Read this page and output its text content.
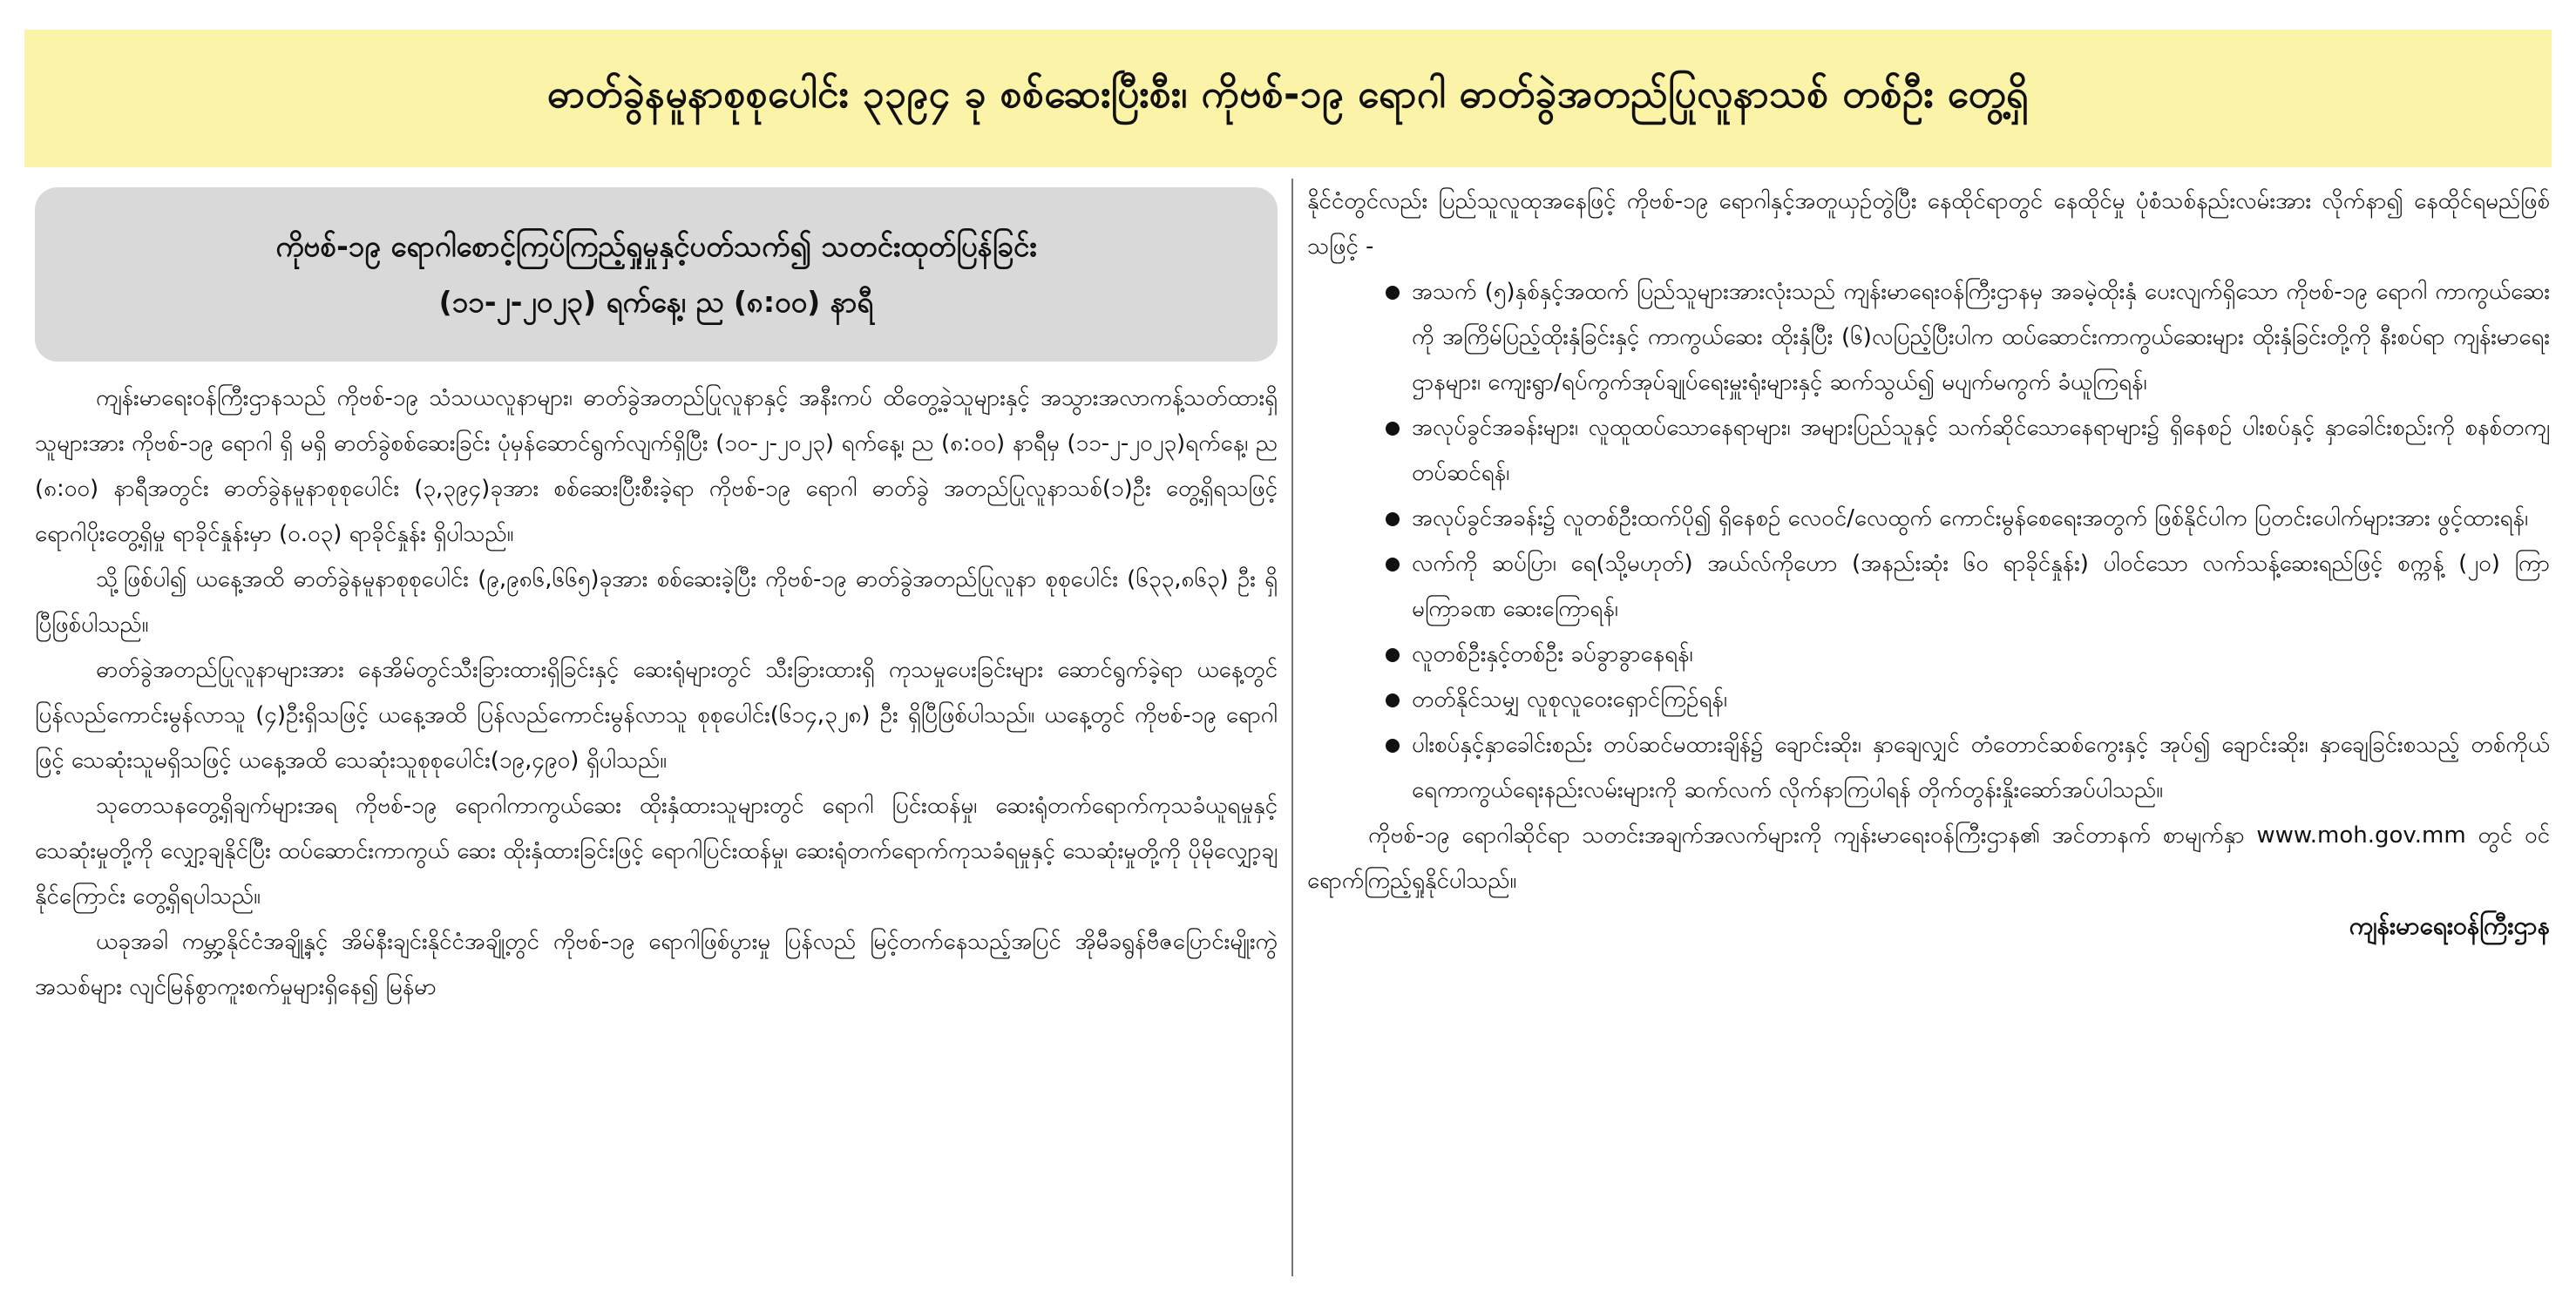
ဓာတ်ခွဲနမူနာစုစုပေါင်း ၃၃၉၄ ခု စစ်ဆေးပြီးစီး၊ ကိုဗစ်-၁၉ ရောဂါ ဓာတ်ခွဲအတည်ပြုလူနာသစ် တစ်ဦး တွေ့ရှိ
ကိုဗစ်-၁၉ ရောဂါစောင့်ကြပ်ကြည့်ရှုမှုနှင့်ပတ်သက်၍ သတင်းထုတ်ပြန်ခြင်း
(၁၁-၂-၂၀၂၃) ရက်နေ့၊ ည (၈:၀၀) နာရီ

ကျန်းမာရေးဝန်ကြီးဌာနသည် ကိုဗစ်-၁၉ သံသယလူနာများ၊ ဓာတ်ခွဲအတည်ပြုလူနာနှင့် အနီးကပ် ထိတွေ့ခဲ့သူများနှင့် အသွားအလာကန့်သတ်ထားရှိသူများအား ကိုဗစ်-၁၉ ရောဂါ ရှိ မရှိ ဓာတ်ခွဲစစ်ဆေးခြင်း ပုံမှန်ဆောင်ရွက်လျက်ရှိပြီး (၁၀-၂-၂၀၂၃) ရက်နေ့၊ ည (၈:၀၀) နာရီမှ (၁၁-၂-၂၀၂၃)ရက်နေ့၊ ည (၈:၀၀) နာရီအတွင်း ဓာတ်ခွဲနမူနာစုစုပေါင်း (၃,၃၉၄)ခုအား စစ်ဆေးပြီးစီးခဲ့ရာ ကိုဗစ်-၁၉ ရောဂါ ဓာတ်ခွဲ အတည်ပြုလူနာသစ်(၁)ဦး တွေ့ရှိရသဖြင့် ရောဂါပိုးတွေ့ရှိမှု ရာခိုင်နှုန်းမှာ (၀.၀၃) ရာခိုင်နှုန်း ရှိပါသည်။

သို့ဖြစ်ပါ၍ ယနေ့အထိ ဓာတ်ခွဲနမူနာစုစုပေါင်း (၉,၉၈၆,၆၆၅)ခုအား စစ်ဆေးခဲ့ပြီး ကိုဗစ်-၁၉ ဓာတ်ခွဲအတည်ပြုလူနာ စုစုပေါင်း (၆၃၃,၈၆၃) ဦး ရှိပြီဖြစ်ပါသည်။

ဓာတ်ခွဲအတည်ပြုလူနာများအား နေအိမ်တွင်သီးခြားထားရှိခြင်းနှင့် ဆေးရုံများတွင် သီးခြားထားရှိ ကုသမှုပေးခြင်းများ ဆောင်ရွက်ခဲ့ရာ ယနေ့တွင် ပြန်လည်ကောင်းမွန်လာသူ (၄)ဦးရှိသဖြင့် ယနေ့အထိ ပြန်လည်ကောင်းမွန်လာသူ စုစုပေါင်း(၆၁၄,၃၂၈) ဦး ရှိပြီဖြစ်ပါသည်။ ယနေ့တွင် ကိုဗစ်-၁၉ ရောဂါဖြင့် သေဆုံးသူမရှိသဖြင့် ယနေ့အထိ သေဆုံးသူစုစုပေါင်း(၁၉,၄၉၀) ရှိပါသည်။

သုတေသနတွေ့ရှိချက်များအရ ကိုဗစ်-၁၉ ရောဂါကာကွယ်ဆေး ထိုးနှံထားသူများတွင် ရောဂါ ပြင်းထန်မှု၊ ဆေးရုံတက်ရောက်ကုသခံယူရမှုနှင့် သေဆုံးမှုတို့ကို လျှော့ချနိုင်ပြီး ထပ်ဆောင်းကာကွယ် ဆေး ထိုးနှံထားခြင်းဖြင့် ရောဂါပြင်းထန်မှု၊ ဆေးရုံတက်ရောက်ကုသခံရမှုနှင့် သေဆုံးမှုတို့ကို ပိုမိုလျှော့ချ နိုင်ကြောင်း တွေ့ရှိရပါသည်။

ယခုအခါ ကမ္ဘာ့နိုင်ငံအချို့နှင့် အိမ်နီးချင်းနိုင်ငံအချို့တွင် ကိုဗစ်-၁၉ ရောဂါဖြစ်ပွားမှု ပြန်လည် မြင့်တက်နေသည့်အပြင် အိုမီခရွန်ဗီဇပြောင်းမျိုးကွဲအသစ်များ လျင်မြန်စွာကူးစက်မှုများရှိနေ၍ မြန်မာ

နိုင်ငံတွင်လည်း ပြည်သူလူထုအနေဖြင့် ကိုဗစ်-၁၉ ရောဂါနှင့်အတူယှဉ်တွဲပြီး နေထိုင်ရာတွင် နေထိုင်မှု ပုံစံသစ်နည်းလမ်းအား လိုက်နာ၍ နေထိုင်ရမည်ဖြစ်သဖြင့် -

အသက် (၅)နှစ်နှင့်အထက် ပြည်သူများအားလုံးသည် ကျန်းမာရေးဝန်ကြီးဌာနမှ အခမဲ့ထိုးနှံ ပေးလျက်ရှိသော ကိုဗစ်-၁၉ ရောဂါ ကာကွယ်ဆေးကို အကြိမ်ပြည့်ထိုးနှံခြင်းနှင့် ကာကွယ်ဆေး ထိုးနှံပြီး (၆)လပြည့်ပြီးပါက ထပ်ဆောင်းကာကွယ်ဆေးများ ထိုးနှံခြင်းတို့ကို နီးစပ်ရာ ကျန်းမာရေး ဌာနများ၊ ကျေးရွာ/ရပ်ကွက်အုပ်ချုပ်ရေးမှူးရုံးများနှင့် ဆက်သွယ်၍ မပျက်မကွက် ခံယူကြရန်၊
အလုပ်ခွင်အခန်းများ၊ လူထူထပ်သောနေရာများ၊ အများပြည်သူနှင့် သက်ဆိုင်သောနေရာများ၌ ရှိနေစဉ် ပါးစပ်နှင့် နှာခေါင်းစည်းကို စနစ်တကျတပ်ဆင်ရန်၊
အလုပ်ခွင်အခန်း၌ လူတစ်ဦးထက်ပို၍ ရှိနေစဉ် လေဝင်/လေထွက် ကောင်းမွန်စေရေးအတွက် ဖြစ်နိုင်ပါက ပြတင်းပေါက်များအား ဖွင့်ထားရန်၊
လက်ကို ဆပ်ပြာ၊ ရေ(သို့မဟုတ်) အယ်လ်ကိုဟော (အနည်းဆုံး ၆၀ ရာခိုင်နှုန်း) ပါဝင်သော လက်သန့်ဆေးရည်ဖြင့် စက္ကန့် (၂၀) ကြာ မကြာခဏ ဆေးကြောရန်၊
လူတစ်ဦးနှင့်တစ်ဦး ခပ်ခွာခွာနေရန်၊
တတ်နိုင်သမျှ လူစုလူဝေးရှောင်ကြဉ်ရန်၊
ပါးစပ်နှင့်နှာခေါင်းစည်း တပ်ဆင်မထားချိန်၌ ချောင်းဆိုး၊ နှာချေလျှင် တံတောင်ဆစ်ကွေးနှင့် အုပ်၍ ချောင်းဆိုး၊ နှာချေခြင်းစသည့် တစ်ကိုယ်ရေကာကွယ်ရေးနည်းလမ်းများကို ဆက်လက် လိုက်နာကြပါရန် တိုက်တွန်းနှိုးဆော်အပ်ပါသည်။

ကိုဗစ်-၁၉ ရောဂါဆိုင်ရာ သတင်းအချက်အလက်များကို ကျန်းမာရေးဝန်ကြီးဌာန၏ အင်တာနက် စာမျက်နှာ www.moh.gov.mm တွင် ဝင်ရောက်ကြည့်ရှုနိုင်ပါသည်။

ကျန်းမာရေးဝန်ကြီးဌာန
